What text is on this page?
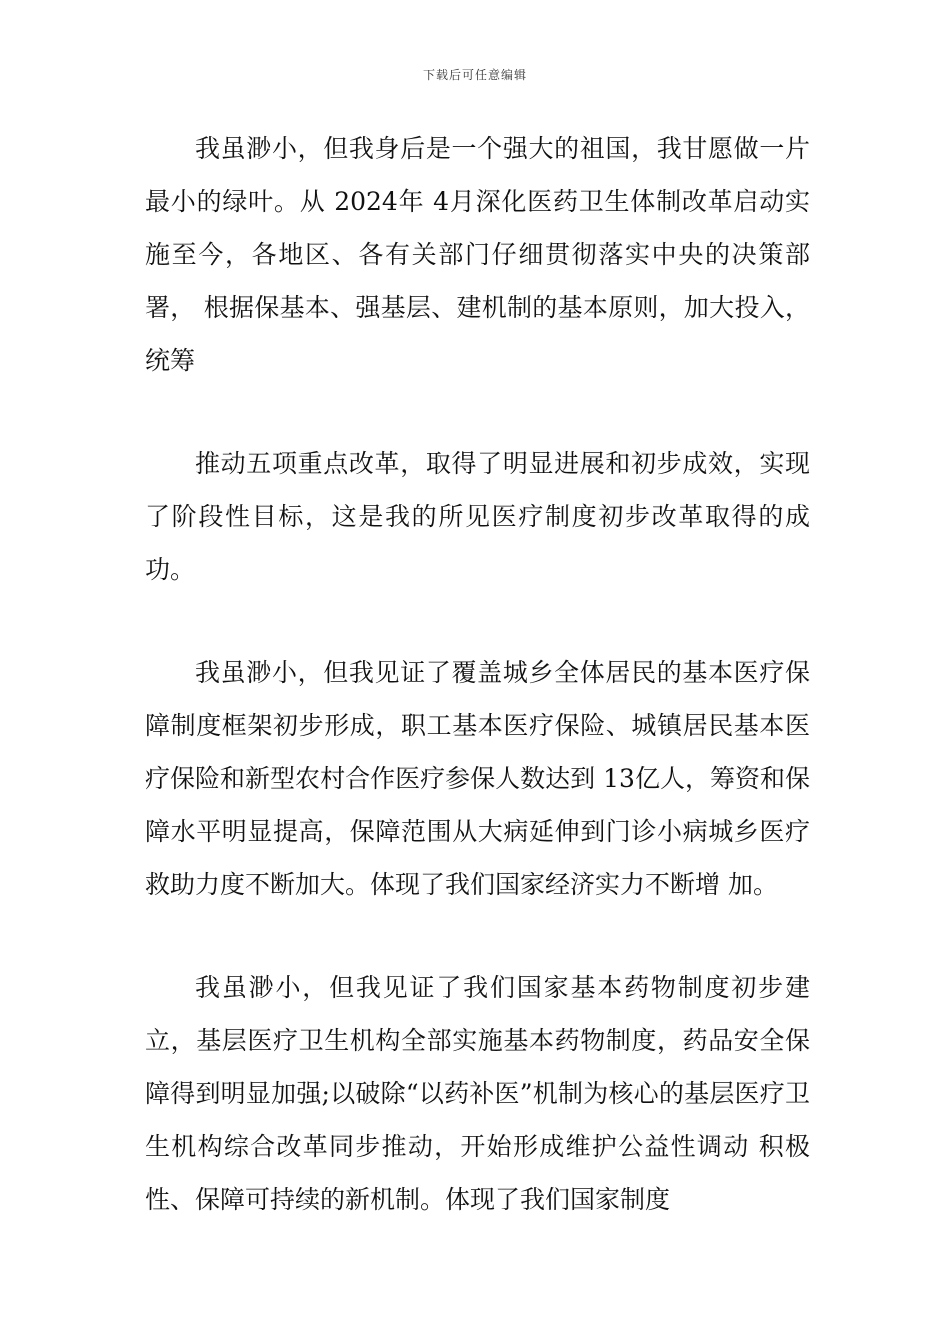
下载后可任意编辑

我虽渺小，但我身后是一个强大的祖国，我甘愿做一片最小的绿叶。从 2024年 4月深化医药卫生体制改革启动实施至今，各地区、各有关部门仔细贯彻落实中央的决策部署， 根据保基本、强基层、建机制的基本原则，加大投入，统筹

推动五项重点改革，取得了明显进展和初步成效，实现了阶段性目标，这是我的所见医疗制度初步改革取得的成功。

我虽渺小，但我见证了覆盖城乡全体居民的基本医疗保障制度框架初步形成，职工基本医疗保险、城镇居民基本医疗保险和新型农村合作医疗参保人数达到 13亿人，筹资和保障水平明显提高，保障范围从大病延伸到门诊小病城乡医疗救助力度不断加大。体现了我们国家经济实力不断增 加。

我虽渺小，但我见证了我们国家基本药物制度初步建立，基层医疗卫生机构全部实施基本药物制度，药品安全保 障得到明显加强;以破除“以药补医”机制为核心的基层医疗卫生机构综合改革同步推动，开始形成维护公益性调动 积极性、保障可持续的新机制。体现了我们国家制度
